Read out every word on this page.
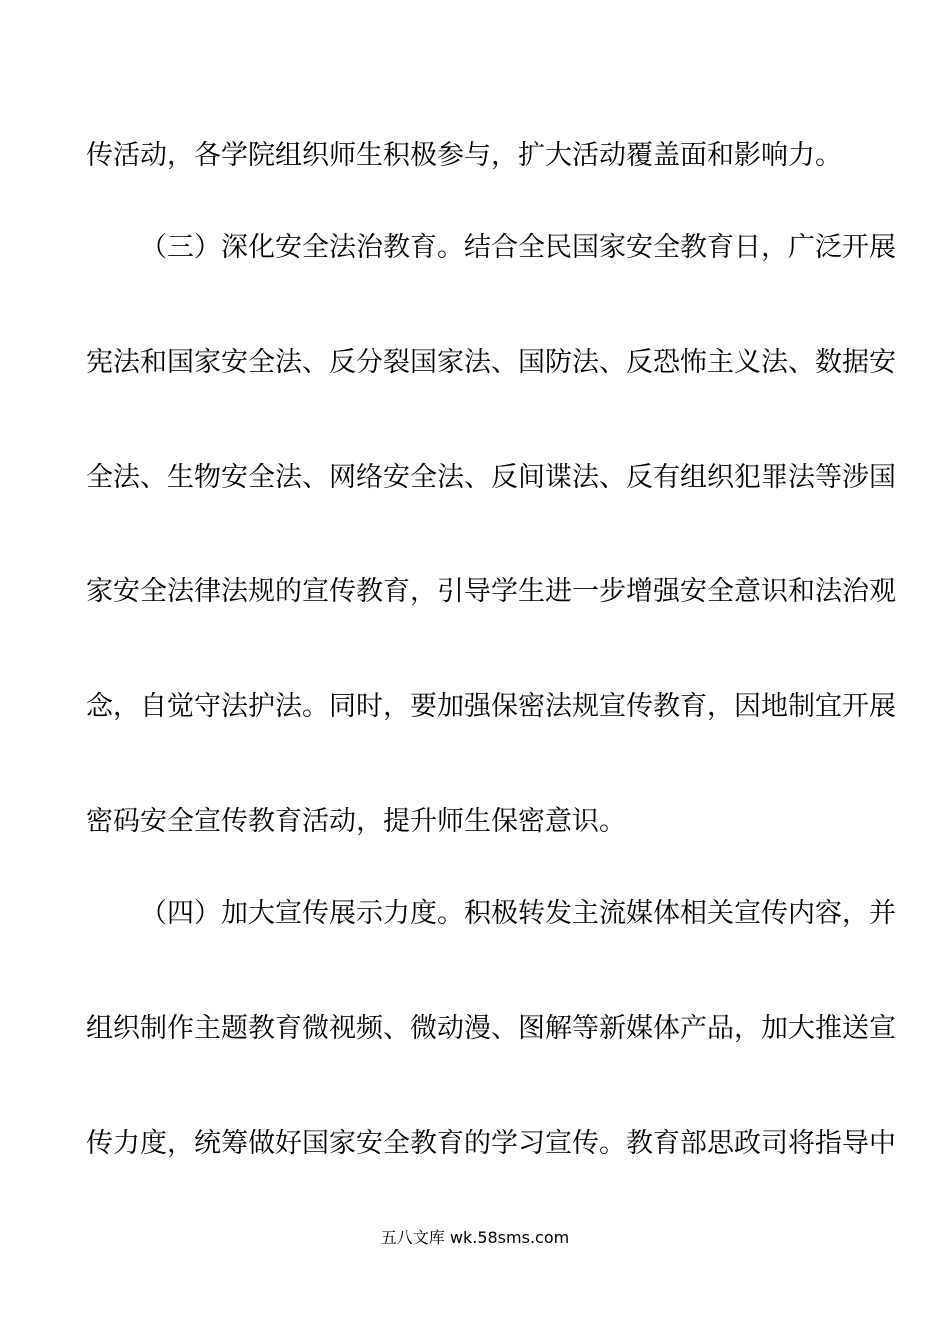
传活动，各学院组织师生积极参与，扩大活动覆盖面和影响力。
（三）深化安全法治教育。结合全民国家安全教育日，广泛开展
宪法和国家安全法、反分裂国家法、国防法、反恐怖主义法、数据安
全法、生物安全法、网络安全法、反间谍法、反有组织犯罪法等涉国
家安全法律法规的宣传教育，引导学生进一步增强安全意识和法治观
念，自觉守法护法。同时，要加强保密法规宣传教育，因地制宜开展
密码安全宣传教育活动，提升师生保密意识。
（四）加大宣传展示力度。积极转发主流媒体相关宣传内容，并
组织制作主题教育微视频、微动漫、图解等新媒体产品，加大推送宣
传力度，统筹做好国家安全教育的学习宣传。教育部思政司将指导中
五八文库 wk.58sms.com
